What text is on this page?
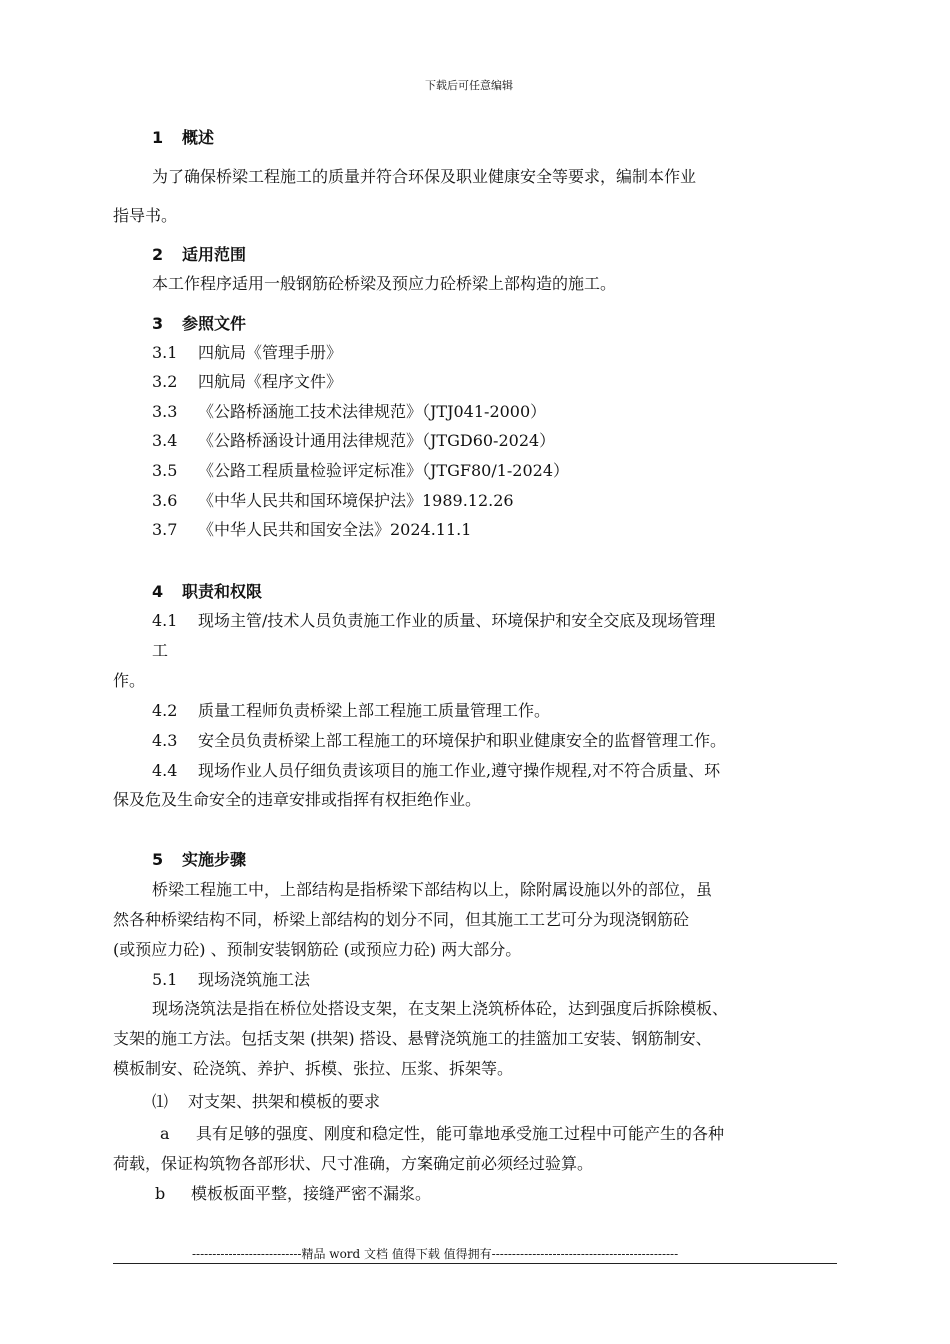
下载后可任意编辑
1 概述
为了确保桥梁工程施工的质量并符合环保及职业健康安全等要求，编制本作业
指导书。
2 适用范围
本工作程序适用一般钢筋砼桥梁及预应力砼桥梁上部构造的施工。
3 参照文件
3.1 四航局《管理手册》
3.2 四航局《程序文件》
3.3 《公路桥涵施工技术法律规范》（JTJ041-2000）
3.4 《公路桥涵设计通用法律规范》（JTGD60-2024）
3.5 《公路工程质量检验评定标准》（JTGF80/1-2024）
3.6 《中华人民共和国环境保护法》1989.12.26
3.7 《中华人民共和国安全法》2024.11.1
4 职责和权限
4.1 现场主管/技术人员负责施工作业的质量、环境保护和安全交底及现场管理
工
作。
4.2 质量工程师负责桥梁上部工程施工质量管理工作。
4.3 安全员负责桥梁上部工程施工的环境保护和职业健康安全的监督管理工作。
4.4 现场作业人员仔细负责该项目的施工作业,遵守操作规程,对不符合质量、环
保及危及生命安全的违章安排或指挥有权拒绝作业。
5 实施步骤
桥梁工程施工中，上部结构是指桥梁下部结构以上，除附属设施以外的部位，虽
然各种桥梁结构不同，桥梁上部结构的划分不同，但其施工工艺可分为现浇钢筋砼
(或预应力砼) 、预制安装钢筋砼 (或预应力砼) 两大部分。
5.1 现场浇筑施工法
现场浇筑法是指在桥位处搭设支架，在支架上浇筑桥体砼，达到强度后拆除模板、
支架的施工方法。包括支架 (拱架) 搭设、悬臂浇筑施工的挂篮加工安装、钢筋制安、
模板制安、砼浇筑、养护、拆模、张拉、压浆、拆架等。
⑴ 对支架、拱架和模板的要求
a 具有足够的强度、刚度和稳定性，能可靠地承受施工过程中可能产生的各种
荷载，保证构筑物各部形状、尺寸准确，方案确定前必须经过验算。
b 模板板面平整，接缝严密不漏浆。
---------------------------精品 word 文档 值得下载 值得拥有----------------------------------------------
